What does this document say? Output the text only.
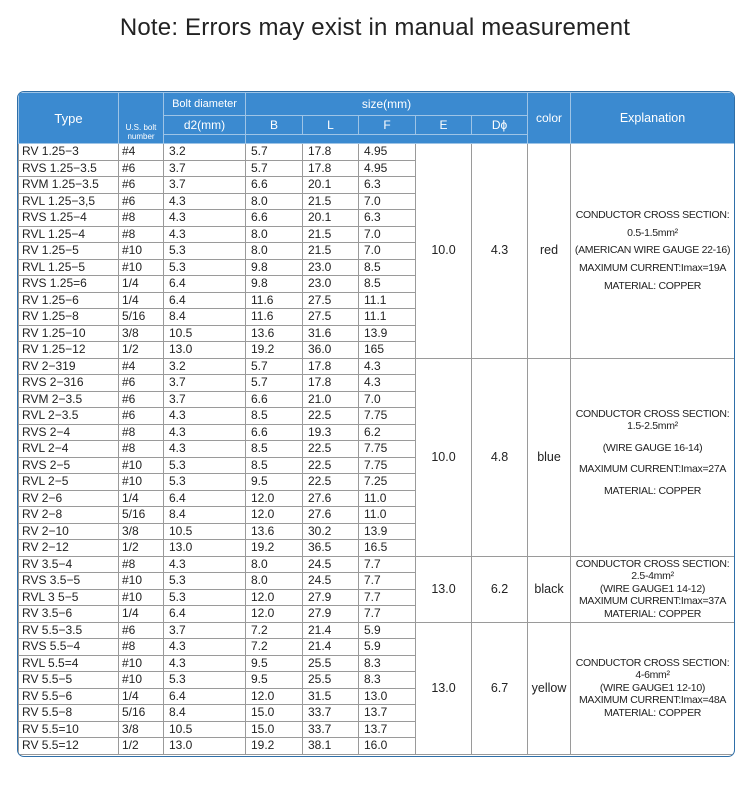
Note: Errors may exist in manual measurement
Type	U.S. bolt number	Bolt diameter	size(mm)					color	Explanation
		d2(mm)	B	L	F	E	Dϕ		

RV 1.25−3	#4	3.2	5.7	17.8	4.95	10.0	4.3	red	CONDUCTOR CROSS SECTION:
0.5-1.5mm²
(AMERICAN WIRE GAUGE 22-16)
MAXIMUM CURRENT:Imax=19A
MATERIAL: COPPER

RVS 1.25−3.5	#6	3.7	5.7	17.8	4.95				
RVM 1.25−3.5	#6	3.7	6.6	20.1	6.3				
RVL 1.25−3,5	#6	4.3	8.0	21.5	7.0				
RVS 1.25−4	#8	4.3	6.6	20.1	6.3				
RVL 1.25−4	#8	4.3	8.0	21.5	7.0				
RV 1.25−5	#10	5.3	8.0	21.5	7.0				
RVL 1.25−5	#10	5.3	9.8	23.0	8.5				
RVS 1.25=6	1/4	6.4	9.8	23.0	8.5				
RV 1.25−6	1/4	6.4	11.6	27.5	11.1				
RV 1.25−8	5/16	8.4	11.6	27.5	11.1				
RV 1.25−10	3/8	10.5	13.6	31.6	13.9				
RV 1.25−12	1/2	13.0	19.2	36.0	165				
RV 2−319	#4	3.2	5.7	17.8	4.3	10.0	4.8	blue	CONDUCTOR CROSS SECTION:
1.5-2.5mm²
(WIRE GAUGE 16-14)
MAXIMUM CURRENT:Imax=27A
MATERIAL: COPPER

RVS 2−316	#6	3.7	5.7	17.8	4.3				
RVM 2−3.5	#6	3.7	6.6	21.0	7.0				
RVL 2−3.5	#6	4.3	8.5	22.5	7.75				
RVS 2−4	#8	4.3	6.6	19.3	6.2				
RVL 2−4	#8	4.3	8.5	22.5	7.75				
RVS 2−5	#10	5.3	8.5	22.5	7.75				
RVL 2−5	#10	5.3	9.5	22.5	7.25				
RV 2−6	1/4	6.4	12.0	27.6	11.0				
RV 2−8	5/16	8.4	12.0	27.6	11.0				
RV 2−10	3/8	10.5	13.6	30.2	13.9				
RV 2−12	1/2	13.0	19.2	36.5	16.5				
RV 3.5−4	#8	4.3	8.0	24.5	7.7	13.0	6.2	black	CONDUCTOR CROSS SECTION:
2.5-4mm²
(WIRE GAUGE1 14-12)
MAXIMUM CURRENT:Imax=37A
MATERIAL: COPPER

RVS 3.5−5	#10	5.3	8.0	24.5	7.7				
RVL 3 5−5	#10	5.3	12.0	27.9	7.7				
RV 3.5−6	1/4	6.4	12.0	27.9	7.7				
RV 5.5−3.5	#6	3.7	7.2	21.4	5.9	13.0	6.7	yellow	CONDUCTOR CROSS SECTION:
4-6mm²
(WIRE GAUGE1 12-10)
MAXIMUM CURRENT:Imax=48A
MATERIAL: COPPER

RVS 5.5−4	#8	4.3	7.2	21.4	5.9				
RVL 5.5=4	#10	4.3	9.5	25.5	8.3				
RV 5.5−5	#10	5.3	9.5	25.5	8.3				
RV 5.5−6	1/4	6.4	12.0	31.5	13.0				
RV 5.5−8	5/16	8.4	15.0	33.7	13.7				
RV 5.5=10	3/8	10.5	15.0	33.7	13.7				
RV 5.5=12	1/2	13.0	19.2	38.1	16.0				
